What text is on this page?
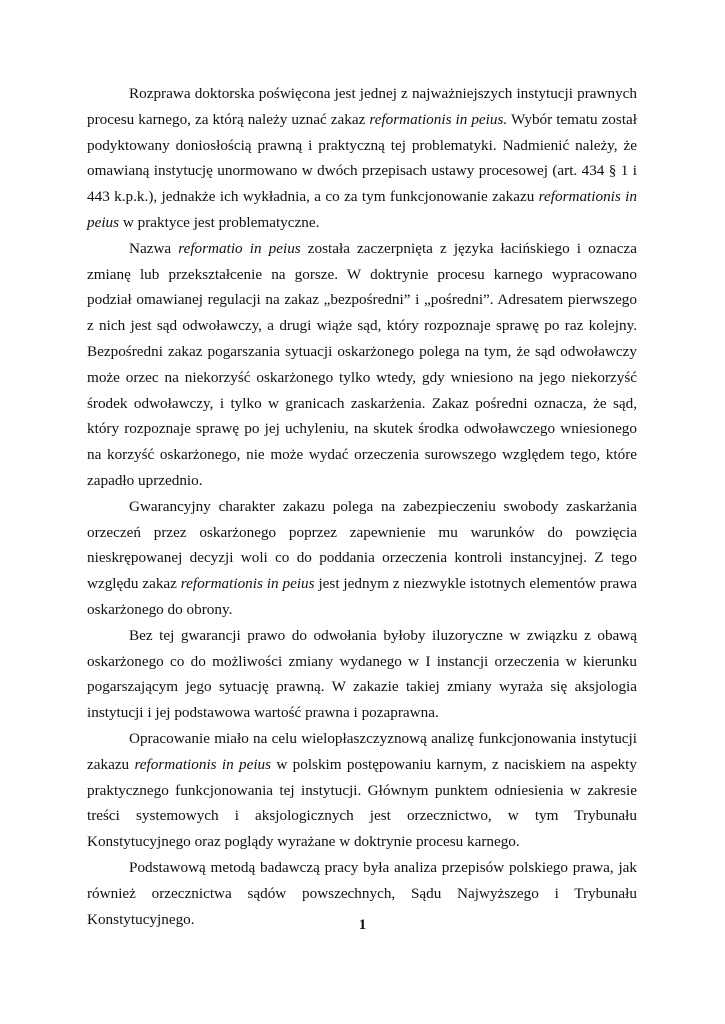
Rozprawa doktorska poświęcona jest jednej z najważniejszych instytucji prawnych procesu karnego, za którą należy uznać zakaz reformationis in peius. Wybór tematu został podyktowany doniosłością prawną i praktyczną tej problematyki. Nadmienić należy, że omawianą instytucję unormowano w dwóch przepisach ustawy procesowej (art. 434 § 1 i 443 k.p.k.), jednakże ich wykładnia, a co za tym funkcjonowanie zakazu reformationis in peius w praktyce jest problematyczne.

Nazwa reformatio in peius została zaczerpnięta z języka łacińskiego i oznacza zmianę lub przekształcenie na gorsze. W doktrynie procesu karnego wypracowano podział omawianej regulacji na zakaz „bezpośredni” i „pośredni”. Adresatem pierwszego z nich jest sąd odwoławczy, a drugi wiąże sąd, który rozpoznaje sprawę po raz kolejny. Bezpośredni zakaz pogarszania sytuacji oskarżonego polega na tym, że sąd odwoławczy może orzec na niekorzyść oskarżonego tylko wtedy, gdy wniesiono na jego niekorzyść środek odwoławczy, i tylko w granicach zaskarżenia. Zakaz pośredni oznacza, że sąd, który rozpoznaje sprawę po jej uchyleniu, na skutek środka odwoławczego wniesionego na korzyść oskarżonego, nie może wydać orzeczenia surowszego względem tego, które zapadło uprzednio.

Gwarancyjny charakter zakazu polega na zabezpieczeniu swobody zaskarżania orzeczeń przez oskarżonego poprzez zapewnienie mu warunków do powzięcia nieskrępowanej decyzji woli co do poddania orzeczenia kontroli instancyjnej. Z tego względu zakaz reformationis in peius jest jednym z niezwykle istotnych elementów prawa oskarżonego do obrony.

Bez tej gwarancji prawo do odwołania byłoby iluzoryczne w związku z obawą oskarżonego co do możliwości zmiany wydanego w I instancji orzeczenia w kierunku pogarszającym jego sytuację prawną. W zakazie takiej zmiany wyraża się aksjologia instytucji i jej podstawowa wartość prawna i pozaprawna.

Opracowanie miało na celu wielopłaszczyznową analizę funkcjonowania instytucji zakazu reformationis in peius w polskim postępowaniu karnym, z naciskiem na aspekty praktycznego funkcjonowania tej instytucji. Głównym punktem odniesienia w zakresie treści systemowych i aksjologicznych jest orzecznictwo, w tym Trybunału Konstytucyjnego oraz poglądy wyrażane w doktrynie procesu karnego.

Podstawową metodą badawczą pracy była analiza przepisów polskiego prawa, jak również orzecznictwa sądów powszechnych, Sądu Najwyższego i Trybunału Konstytucyjnego.	1
